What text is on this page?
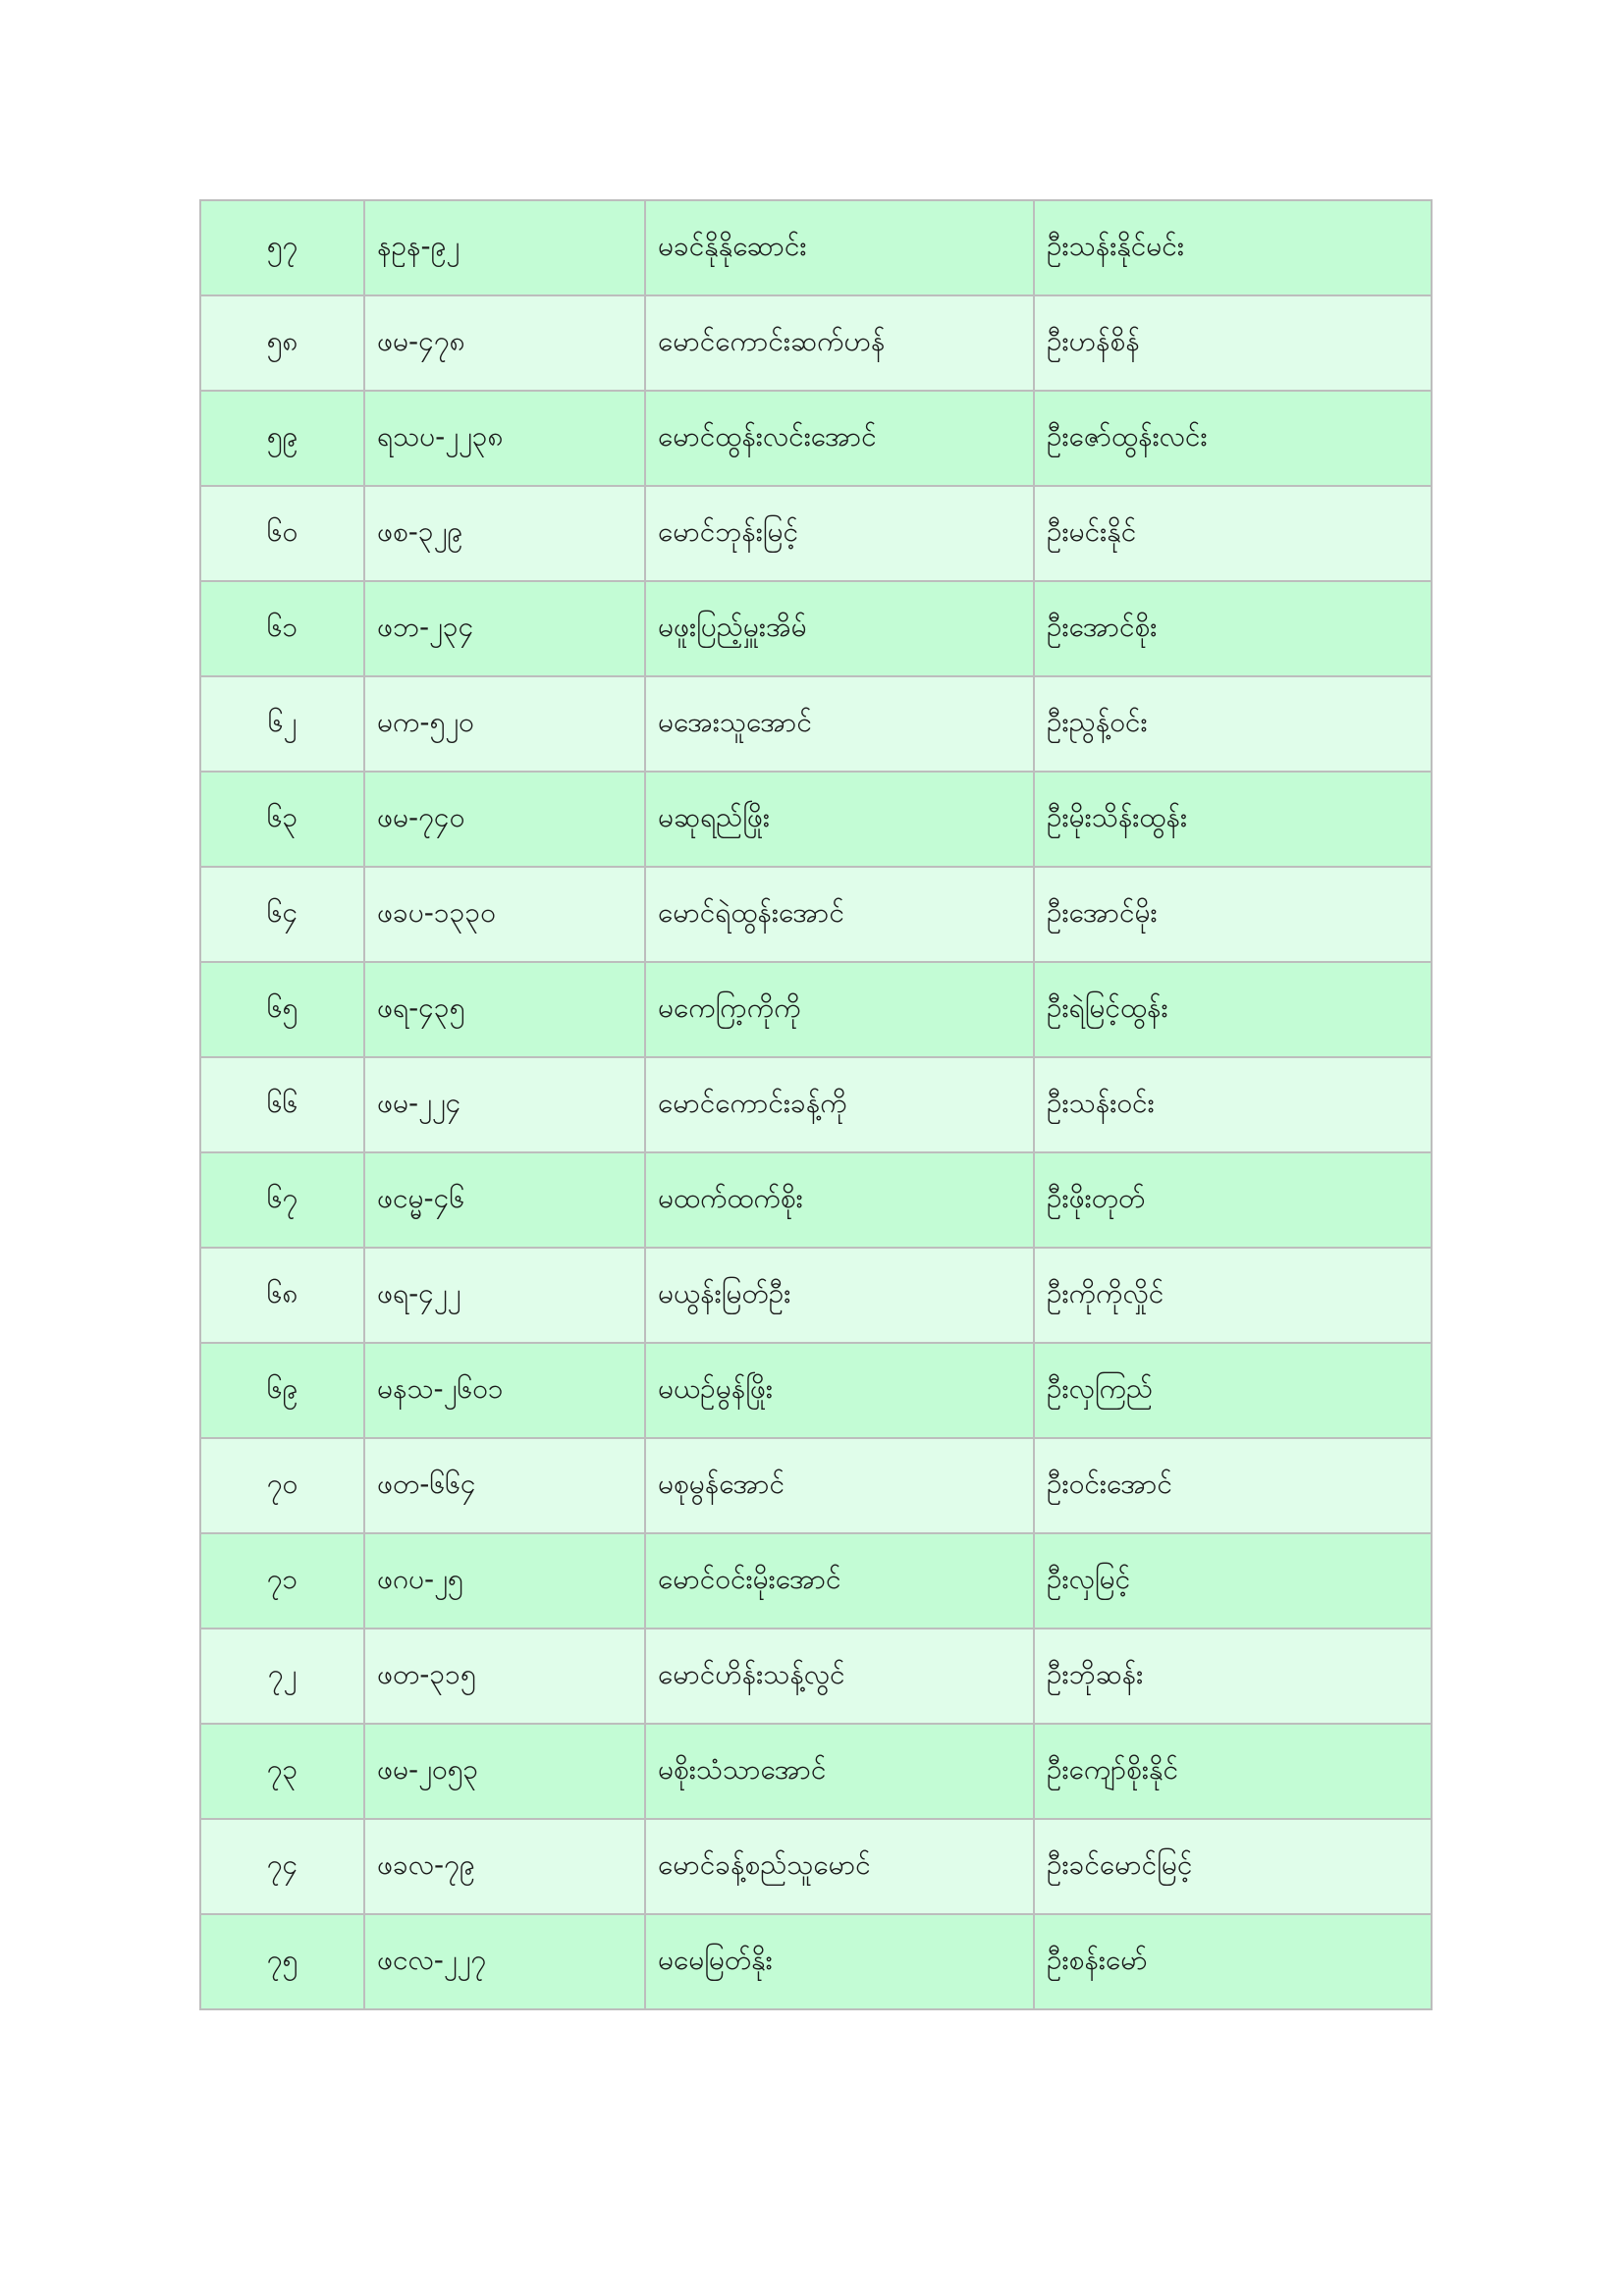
၅၇	နဥန-၉၂	မခင်နိုနိုဆောင်း	ဦးသန်းနိုင်မင်း
၅၈	ဖမ-၄၇၈	မောင်ကောင်းဆက်ဟန်	ဦးဟန်စိန်
၅၉	ရသပ-၂၂၃၈	မောင်ထွန်းလင်းအောင်	ဦးဇော်ထွန်းလင်း
၆၀	ဖစ-၃၂၉	မောင်ဘုန်းမြင့်	ဦးမင်းနိုင်
၆၁	ဖဘ-၂၃၄	မဖူးပြည့်မှူးအိမ်	ဦးအောင်စိုး
၆၂	မက-၅၂၀	မအေးသူအောင်	ဦးညွန့်ဝင်း
၆၃	ဖမ-၇၄၀	မဆုရည်ဖြိုး	ဦးမိုးသိန်းထွန်း
၆၄	ဖခပ-၁၃၃၀	မောင်ရဲထွန်းအောင်	ဦးအောင်မိုး
၆၅	ဖရ-၄၃၅	မကေဂြာ့ကိုကို	ဦးရဲမြင့်ထွန်း
၆၆	ဖမ-၂၂၄	မောင်ကောင်းခန့်ကို	ဦးသန်းဝင်း
၆၇	ဖငမ္မ-၄၆	မထက်ထက်စိုး	ဦးဖိုးတုတ်
၆၈	ဖရ-၄၂၂	မယွန်းမြတ်ဦး	ဦးကိုကိုလှိုင်
၆၉	မနသ-၂၆၀၁	မယဉ်မွန်ဖြိုး	ဦးလှကြည်
၇၀	ဖတ-၆၆၄	မစုမွန်အောင်	ဦးဝင်းအောင်
၇၁	ဖဂပ-၂၅	မောင်ဝင်းမိုးအောင်	ဦးလှမြင့်
၇၂	ဖတ-၃၁၅	မောင်ဟိန်းသန့်လွင်	ဦးဘိုဆန်း
၇၃	ဖမ-၂၀၅၃	မစိုးသံသာအောင်	ဦးကျော်စိုးနိုင်
၇၄	ဖခလ-၇၉	မောင်ခန့်စည်သူမောင်	ဦးခင်မောင်မြင့်
၇၅	ဖငလ-၂၂၇	မမေမြတ်နိုး	ဦးစန်းမော်
